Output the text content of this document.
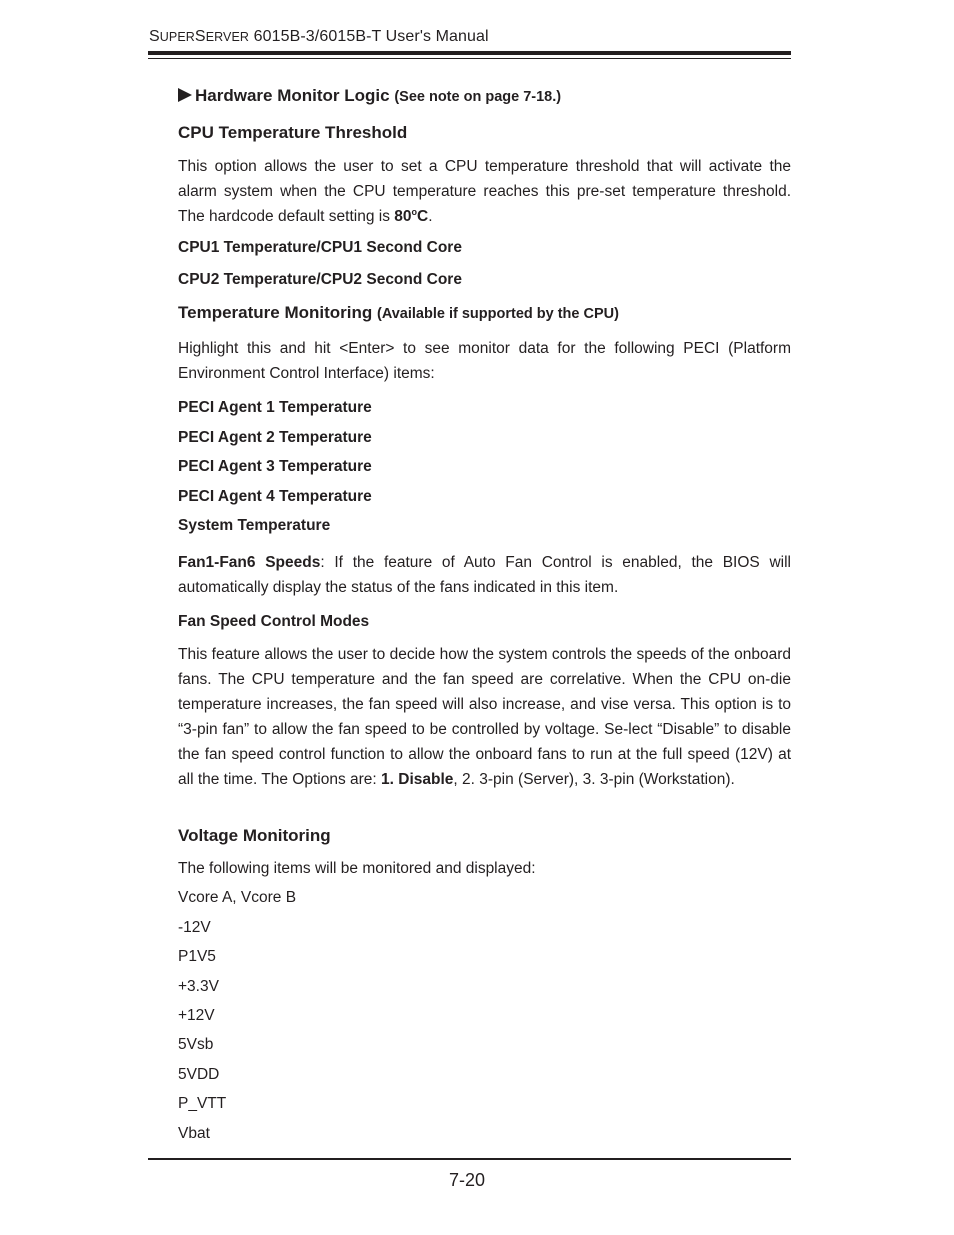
SUPERSERVER 6015B-3/6015B-T User's Manual
Hardware Monitor Logic (See note on page 7-18.)
CPU Temperature Threshold
This option allows the user to set a CPU temperature threshold that will activate the alarm system when the CPU temperature reaches this pre-set temperature threshold. The hardcode default setting is 80$^o$C.
CPU1 Temperature/CPU1 Second Core
CPU2 Temperature/CPU2 Second Core
Temperature Monitoring (Available if supported by the CPU)
Highlight this and hit <Enter> to see monitor data for the following PECI (Platform Environment Control Interface) items:
PECI Agent 1 Temperature
PECI Agent 2 Temperature
PECI Agent 3 Temperature
PECI Agent 4 Temperature
System Temperature
Fan1-Fan6 Speeds: If the feature of Auto Fan Control is enabled, the BIOS will automatically display the status of the fans indicated in this item.
Fan Speed Control Modes
This feature allows the user to decide how the system controls the speeds of the onboard fans. The CPU temperature and the fan speed are correlative. When the CPU on-die temperature increases, the fan speed will also increase, and vise versa. This option is to “3-pin fan” to allow the fan speed to be controlled by voltage. Se-lect “Disable” to disable the fan speed control function to allow the onboard fans to run at the full speed (12V) at all the time. The Options are: 1. Disable, 2. 3-pin (Server), 3. 3-pin (Workstation).
Voltage Monitoring
The following items will be monitored and displayed:
Vcore A, Vcore B
-12V
P1V5
+3.3V
+12V
5Vsb
5VDD
P_VTT
Vbat
7-20
